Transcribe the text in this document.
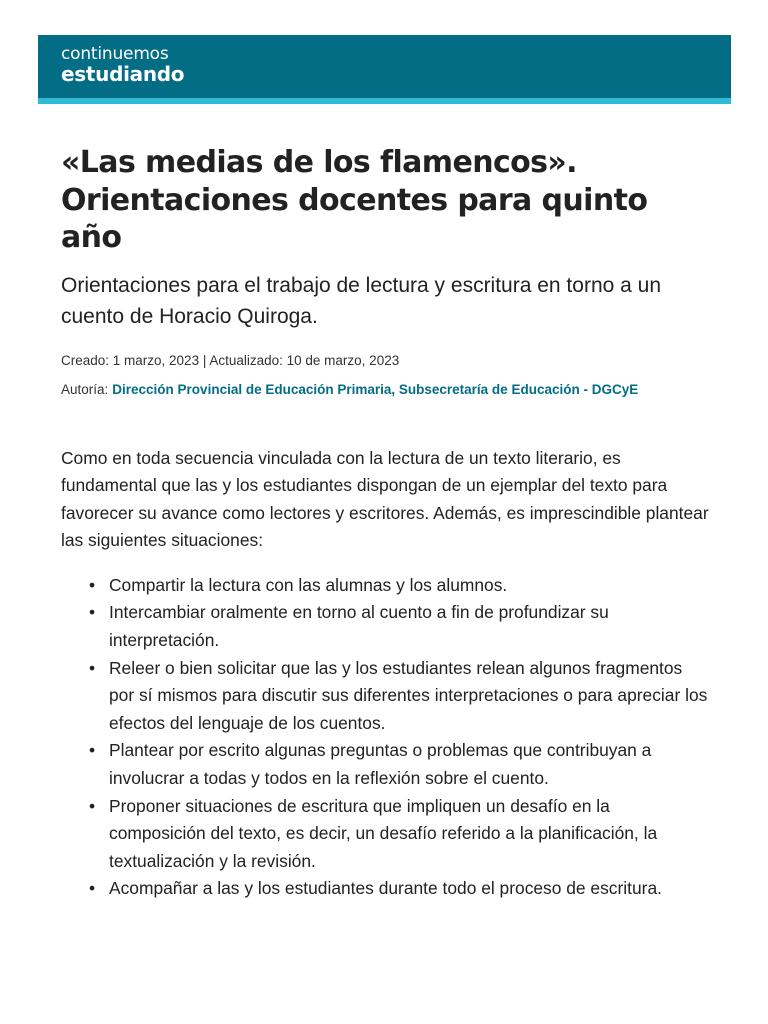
continuemos
estudiando
«Las medias de los flamencos». Orientaciones docentes para quinto año

Orientaciones para el trabajo de lectura y escritura en torno a un cuento de Horacio Quiroga.

Creado: 1 marzo, 2023 | Actualizado: 10 de marzo, 2023
Autoría: Dirección Provincial de Educación Primaria, Subsecretaría de Educación - DGCyE

Como en toda secuencia vinculada con la lectura de un texto literario, es fundamental que las y los estudiantes dispongan de un ejemplar del texto para favorecer su avance como lectores y escritores. Además, es imprescindible plantear las siguientes situaciones:

• Compartir la lectura con las alumnas y los alumnos.
• Intercambiar oralmente en torno al cuento a fin de profundizar su interpretación.
• Releer o bien solicitar que las y los estudiantes relean algunos fragmentos por sí mismos para discutir sus diferentes interpretaciones o para apreciar los efectos del lenguaje de los cuentos.
• Plantear por escrito algunas preguntas o problemas que contribuyan a involucrar a todas y todos en la reflexión sobre el cuento.
• Proponer situaciones de escritura que impliquen un desafío en la composición del texto, es decir, un desafío referido a la planificación, la textualización y la revisión.
• Acompañar a las y los estudiantes durante todo el proceso de escritura.
